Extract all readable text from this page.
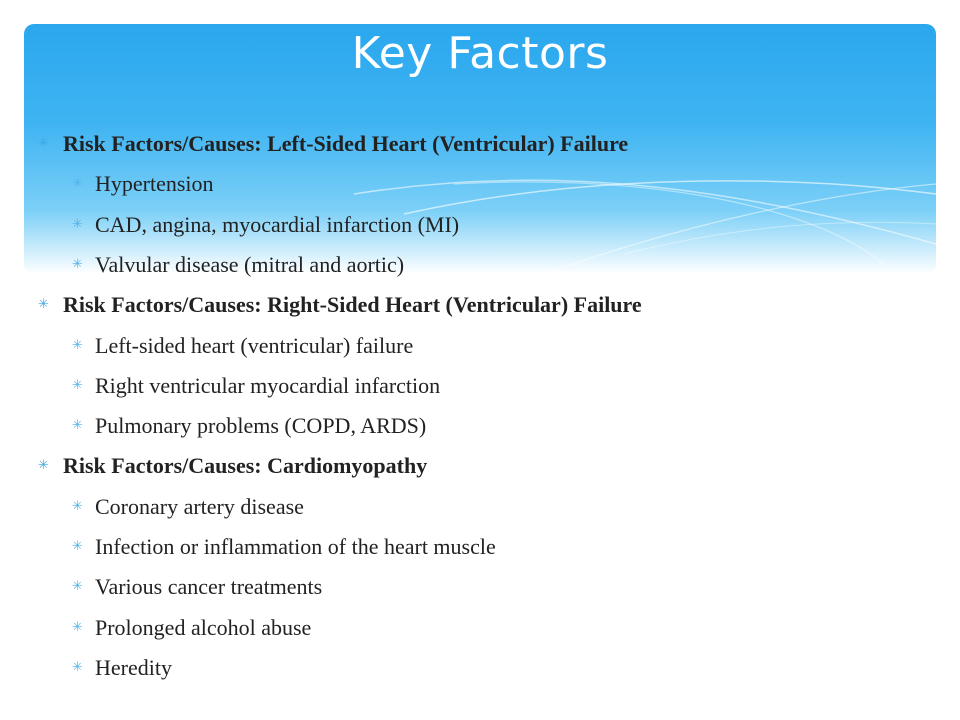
Key Factors
✳ Risk Factors/Causes: Left-Sided Heart (Ventricular) Failure
✳ Hypertension
✳ CAD, angina, myocardial infarction (MI)
✳ Valvular disease (mitral and aortic)
✳ Risk Factors/Causes: Right-Sided Heart (Ventricular) Failure
✳ Left-sided heart (ventricular) failure
✳ Right ventricular myocardial infarction
✳ Pulmonary problems (COPD, ARDS)
✳ Risk Factors/Causes: Cardiomyopathy
✳ Coronary artery disease
✳ Infection or inflammation of the heart muscle
✳ Various cancer treatments
✳ Prolonged alcohol abuse
✳ Heredity
